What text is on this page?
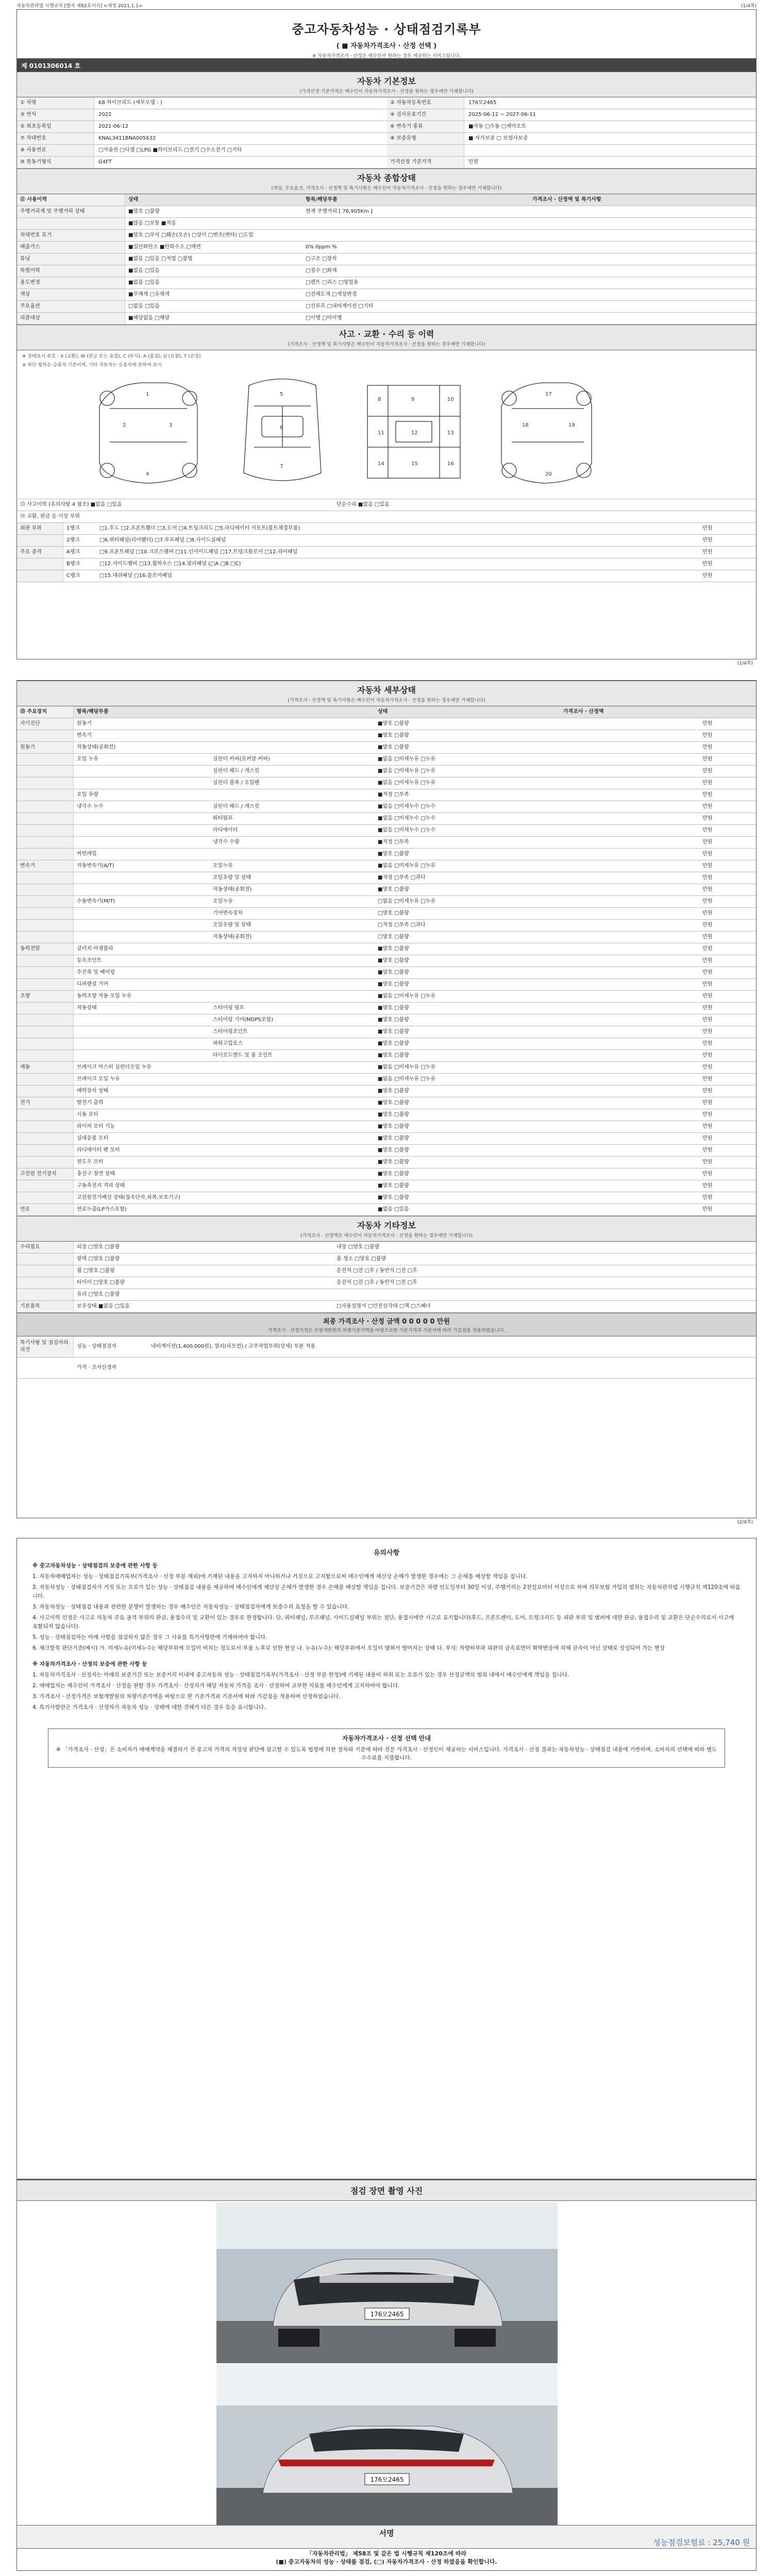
자동차관리법 시행규칙 [별지 제82호서식] <개정 2021.1.1>	(1/4쪽)
중고자동차성능 · 상태점검기록부
( ■ 자동차가격조사 · 산정 선택 )
※ 자동차가격조사 · 산정은 매수인이 원하는 경우 제공하는 서비스입니다.
제 0101306014 호
자동차 기본정보
(가격산정 기준가격은 매수인이 자동차가격조사 · 산정을 원하는 경우에만 기재합니다)
① 차명	K8 하이브리드 (세부모델 : )	② 자동차등록번호	176모2465
③ 연식	2022	④ 검사유효기간	2025-06-12 ~ 2027-06-11
⑤ 최초등록일	2021-06-12	⑥ 변속기 종류	■자동 □수동 □세미오토
⑦ 차대번호	KNAL3411BNA005632	⑧ 보증유형	■ 자가보증 □ 보험사보증
⑨ 사용연료	□가솔린 □디젤 □LPG ■하이브리드 □전기 □수소전기 □기타
⑩ 원동기형식	G4FT	가격산정 기준가격	만원
자동차 종합상태
(색상, 주요옵션, 가격조사 · 산정액 및 특기사항은 매수인이 자동차가격조사 · 산정을 원하는 경우에만 기재합니다)
⑪ 사용이력	상태	항목/해당부품	가격조사 · 산정액 및 특기사항
주행거리계 및 주행거리 상태	■양호 □불량	현재 주행거리 [ 76,905Km ]
■많음 □보통 ■적음
차대번호 표기	■양호 □부식 □훼손(오손) □상이 □변조(변타) □도말
배출가스	■일산화탄소 ■탄화수소 □매연	0% 0ppm %
튜닝	■없음 □있음 □적법 □불법	□구조 □장치
특별이력	■없음 □있음	□침수 □화재
용도변경	■없음 □있음	□렌트 □리스 □영업용
색상	■무채색 □유채색	□전체도색 □색상변경
주요옵션	□없음 □있음	□선루프 □내비게이션 □기타
리콜대상	■해당없음 □해당	□이행 □미이행
사고 · 교환 · 수리 등 이력
(가격조사 · 산정액 및 특기사항은 매수인이 자동차가격조사 · 산정을 원하는 경우에만 기재합니다)
※ 상태표시 부호 : X (교환), W (판금 또는 용접), C (부식), A (흠집), U (요철), T (손상)
※ 하단 항목은 승용차 기준이며, 기타 자동차는 승용차에 준하여 표시
1
2	3
4
5
6
7
8	9	10
11	12	13
14	15	16
17
18	19
20
⑬ 사고이력 (유의사항 4 참조) ■없음 □있음	단순수리 ■없음 □있음
⑭ 교환, 판금 등 이상 부위
외판 부위	1랭크	□1.후드 □2.프론트휀더 □3.도어 □4.트렁크리드 □5.라디에이터 서포트(볼트체결부품)	만원
2랭크	□6.쿼터패널(리어휀더) □7.루프패널 □8.사이드실패널	만원
주요 골격	A랭크	□9.프론트패널 □10.크로스멤버 □11.인사이드패널 □17.트렁크플로어 □12.리어패널	만원
B랭크	□12.사이드멤버 □13.휠하우스 □14.필러패널 (□A □B □C)	만원
C랭크	□15.대쉬패널 □16.플로어패널	만원
(1/4쪽)
자동차 세부상태
(가격조사 · 산정액 및 특기사항은 매수인이 자동차가격조사 · 산정을 원하는 경우에만 기재합니다)
⑮ 주요장치	항목/해당부품	상태	가격조사 · 산정액
자기진단	원동기	■양호 □불량	만원
변속기	■양호 □불량	만원
원동기	작동상태(공회전)	■양호 □불량	만원
오일 누유	실린더 커버(로커암 커버)	■없음 □미세누유 □누유	만원
실린더 헤드 / 개스킷	■없음 □미세누유 □누유	만원
실린더 블록 / 오일팬	■없음 □미세누유 □누유	만원
오일 유량	■적정 □부족	만원
냉각수 누수	실린더 헤드 / 개스킷	■없음 □미세누수 □누수	만원
워터펌프	■없음 □미세누수 □누수	만원
라디에이터	■없음 □미세누수 □누수	만원
냉각수 수량	■적정 □부족	만원
커먼레일	■양호 □불량	만원
변속기	자동변속기(A/T)	오일누유	■없음 □미세누유 □누유	만원
오일유량 및 상태	■적정 □부족 □과다	만원
작동상태(공회전)	■양호 □불량	만원
수동변속기(M/T)	오일누유	□없음 □미세누유 □누유	만원
기어변속장치	□양호 □불량	만원
오일유량 및 상태	□적정 □부족 □과다	만원
작동상태(공회전)	□양호 □불량	만원
동력전달	클러치 어셈블리	■양호 □불량	만원
등속조인트	■양호 □불량	만원
추진축 및 베어링	■양호 □불량	만원
디퍼렌셜 기어	■양호 □불량	만원
조향	동력조향 작동 오일 누유	■없음 □미세누유 □누유	만원
작동상태	스티어링 펌프	■양호 □불량	만원
스티어링 기어(MDPS포함)	■양호 □불량	만원
스티어링조인트	■양호 □불량	만원
파워고압호스	■양호 □불량	만원
타이로드엔드 및 볼 조인트	■양호 □불량	만원
제동	브레이크 마스터 실린더오일 누유	■없음 □미세누유 □누유	만원
브레이크 오일 누유	■없음 □미세누유 □누유	만원
배력장치 상태	■양호 □불량	만원
전기	발전기 출력	■양호 □불량	만원
시동 모터	■양호 □불량	만원
와이퍼 모터 기능	■양호 □불량	만원
실내송풍 모터	■양호 □불량	만원
라디에이터 팬 모터	■양호 □불량	만원
윈도우 모터	■양호 □불량	만원
고전원 전기장치	충전구 절연 상태	■양호 □불량	만원
구동축전지 격리 상태	■양호 □불량	만원
고전원전기배선 상태(접속단자,피복,보호기구)	■양호 □불량	만원
연료	연료누출(LP가스포함)	■없음 □있음	만원
자동차 기타정보
(가격조사 · 산정액은 매수인이 자동차가격조사 · 산정을 원하는 경우에만 기재합니다)
수리필요	외장 □양호 □불량	내장 □양호 □불량
광택 □양호 □불량	룸 청소 □양호 □불량
휠 □양호 □불량	운전석 □전 □후 / 동반석 □전 □후
타이어 □양호 □불량	운전석 □전 □후 / 동반석 □전 □후
유리 □양호 □불량
기본품목	보유상태 ■없음 □있음	□사용설명서 □안전삼각대 □잭 □스패너
최종 가격조사 · 산정 금액 0 0 0 0 0 만원
가격조사 · 산정가격은 보험개발원의 차량기준가액을 바탕으로한 기준가격과 기준서에 따라 가감점을 적용하였습니다.
특기사항 및 점검자의 의견
성능 · 상태점검자	내비게이션(1,400,000원), 열쇠(리모컨) / 고무작업부위(상세) 부분 적용
가격 · 조사산정자
(2/4쪽)
유의사항

※ 중고자동차성능 · 상태점검의 보증에 관한 사항 등

1. 자동차매매업자는 성능 · 상태점검기록부(가격조사 · 산정 부분 제외)에 기재된 내용을 고지하지 아니하거나 거짓으로 고지함으로써 매수인에게 재산상 손해가 발생한 경우에는 그 손해를 배상할 책임을 집니다.

2. 자동차성능 · 상태점검자가 거짓 또는 오류가 있는 성능 · 상태점검 내용을 제공하여 매수인에게 재산상 손해가 발생한 경우 손해를 배상할 책임을 집니다. 보증기간은 차량 인도일부터 30일 이상, 주행거리는 2천킬로미터 이상으로 하며 의무보험 가입의 범위는 자동차관리법 시행규칙 제120조에 따릅니다.

3. 자동차성능 · 상태점검 내용과 관련한 분쟁이 발생하는 경우 매수인은 자동차성능 · 상태점검자에게 보증수리 요청을 할 수 있습니다.

4. 사고이력 인정은 사고로 자동차 주요 골격 부위의 판금, 용접수리 및 교환이 있는 경우로 한정합니다. 단, 쿼터패널, 루프패널, 사이드실패널 부위는 절단, 용접시에만 사고로 표기합니다(후드, 프론트펜더, 도어, 트렁크리드 등 외판 부위 및 범퍼에 대한 판금, 용접수리 및 교환은 단순수리로서 사고에 포함되지 않습니다).

5. 성능 · 상태점검자는 아래 사항을 점검하지 않은 경우 그 사유를 특기사항란에 기재하여야 합니다.

6. 체크항목 판단기준(예시) 가. 미세누유(미세누수): 해당부위에 오일이 비치는 정도로서 부품 노후로 인한 현상 나. 누유(누수): 해당부위에서 오일이 맺혀서 떨어지는 상태 다. 부식: 차량하부와 외판의 금속표면이 화학반응에 의해 금속이 아닌 상태로 상실되어 가는 현상

※ 자동차가격조사 · 산정의 보증에 관한 사항 등

1. 자동차가격조사 · 산정자는 아래의 보증기간 또는 보증거리 이내에 중고자동차 성능 · 상태점검기록부(가격조사 · 산정 부분 한정)에 기재된 내용이 허위 또는 오류가 있는 경우 산정금액의 범위 내에서 매수인에게 책임을 집니다.

2. 매매업자는 매수인이 가격조사 · 산정을 원할 경우 가격조사 · 산정자가 해당 자동차 가격을 조사 · 산정하여 교부한 자료를 매수인에게 고지하여야 합니다.

3. 가격조사 · 산정가격은 보험개발원의 차량기준가액을 바탕으로 한 기준가격과 기준서에 따라 가감점을 적용하여 산정하였습니다.

4. 특기사항란은 가격조사 · 산정자가 자동차 성능 · 상태에 대한 견해가 다른 경우 등을 표시합니다.

자동차가격조사 · 산정 선택 안내
※ 「가격조사 · 산정」은 소비자가 매매계약을 체결하기 전 중고차 가격의 적정성 판단에 참고할 수 있도록 법령에 의한 절차와 기준에 따라 전문 가격조사 · 산정인이 제공하는 서비스입니다. 가격조사 · 산정 결과는 자동차성능 · 상태점검 내용에 기반하며, 소비자의 선택에 따라 별도 수수료를 지불합니다.
점검 장면 촬영 사진
176모2465
176모2465
서명
성능점검보험료 : 25,740 원
「자동차관리법」 제58조 및 같은 법 시행규칙 제120조에 따라
(■) 중고자동차의 성능 · 상태를 점검, (□) 자동차가격조사 · 산정 하였음을 확인합니다.
